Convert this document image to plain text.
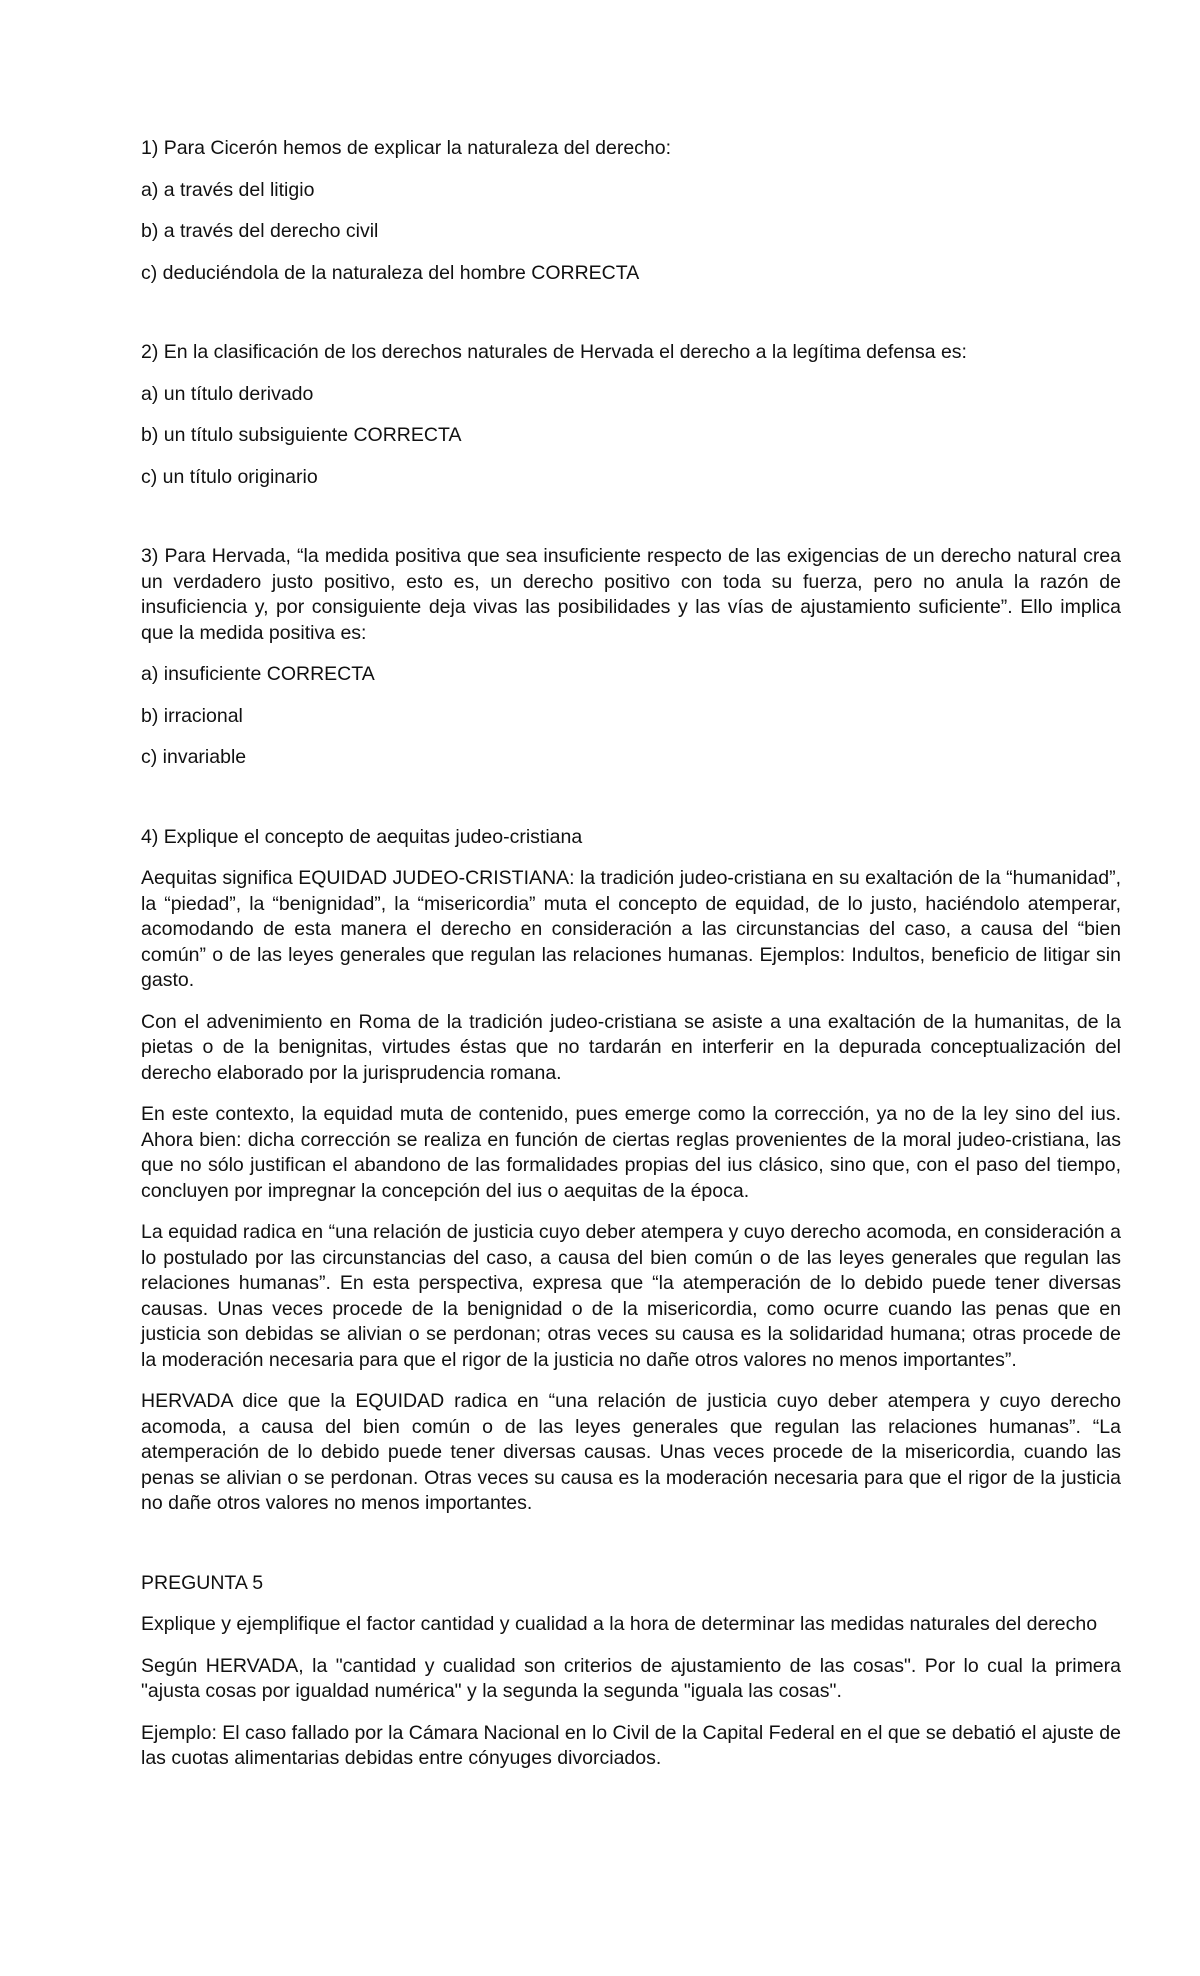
1) Para Cicerón hemos de explicar la naturaleza del derecho:

a) a través del litigio

b) a través del derecho civil

c) deduciéndola de la naturaleza del hombre CORRECTA

2) En la clasificación de los derechos naturales de Hervada el derecho a la legítima defensa es:

a) un título derivado

b) un título subsiguiente CORRECTA

c) un título originario

3) Para Hervada, “la medida positiva que sea insuficiente respecto de las exigencias de un derecho natural crea un verdadero justo positivo, esto es, un derecho positivo con toda su fuerza, pero no anula la razón de insuficiencia y, por consiguiente deja vivas las posibilidades y las vías de ajustamiento suficiente”. Ello implica que la medida positiva es:

a) insuficiente CORRECTA

b) irracional

c) invariable

4) Explique el concepto de aequitas judeo-cristiana

Aequitas significa EQUIDAD JUDEO-CRISTIANA: la tradición judeo-cristiana en su exaltación de la “humanidad”, la “piedad”, la “benignidad”, la “misericordia” muta el concepto de equidad, de lo justo, haciéndolo atemperar, acomodando de esta manera el derecho en consideración a las circunstancias del caso, a causa del “bien común” o de las leyes generales que regulan las relaciones humanas. Ejemplos: Indultos, beneficio de litigar sin gasto.

Con el advenimiento en Roma de la tradición judeo-cristiana se asiste a una exaltación de la humanitas, de la pietas o de la benignitas, virtudes éstas que no tardarán en interferir en la depurada conceptualización del derecho elaborado por la jurisprudencia romana.

En este contexto, la equidad muta de contenido, pues emerge como la corrección, ya no de la ley sino del ius. Ahora bien: dicha corrección se realiza en función de ciertas reglas provenientes de la moral judeo-cristiana, las que no sólo justifican el abandono de las formalidades propias del ius clásico, sino que, con el paso del tiempo, concluyen por impregnar la concepción del ius o aequitas de la época.

La equidad radica en “una relación de justicia cuyo deber atempera y cuyo derecho acomoda, en consideración a lo postulado por las circunstancias del caso, a causa del bien común o de las leyes generales que regulan las relaciones humanas”. En esta perspectiva, expresa que “la atemperación de lo debido puede tener diversas causas. Unas veces procede de la benignidad o de la misericordia, como ocurre cuando las penas que en justicia son debidas se alivian o se perdonan; otras veces su causa es la solidaridad humana; otras procede de la moderación necesaria para que el rigor de la justicia no dañe otros valores no menos importantes”.

HERVADA dice que la EQUIDAD radica en “una relación de justicia cuyo deber atempera y cuyo derecho acomoda, a causa del bien común o de las leyes generales que regulan las relaciones humanas”. “La atemperación de lo debido puede tener diversas causas. Unas veces procede de la misericordia, cuando las penas se alivian o se perdonan. Otras veces su causa es la moderación necesaria para que el rigor de la justicia no dañe otros valores no menos importantes.

PREGUNTA 5

Explique y ejemplifique el factor cantidad y cualidad a la hora de determinar las medidas naturales del derecho

Según HERVADA, la "cantidad y cualidad son criterios de ajustamiento de las cosas". Por lo cual la primera "ajusta cosas por igualdad numérica" y la segunda la segunda "iguala las cosas".

Ejemplo: El caso fallado por la Cámara Nacional en lo Civil de la Capital Federal en el que se debatió el ajuste de las cuotas alimentarias debidas entre cónyuges divorciados.
